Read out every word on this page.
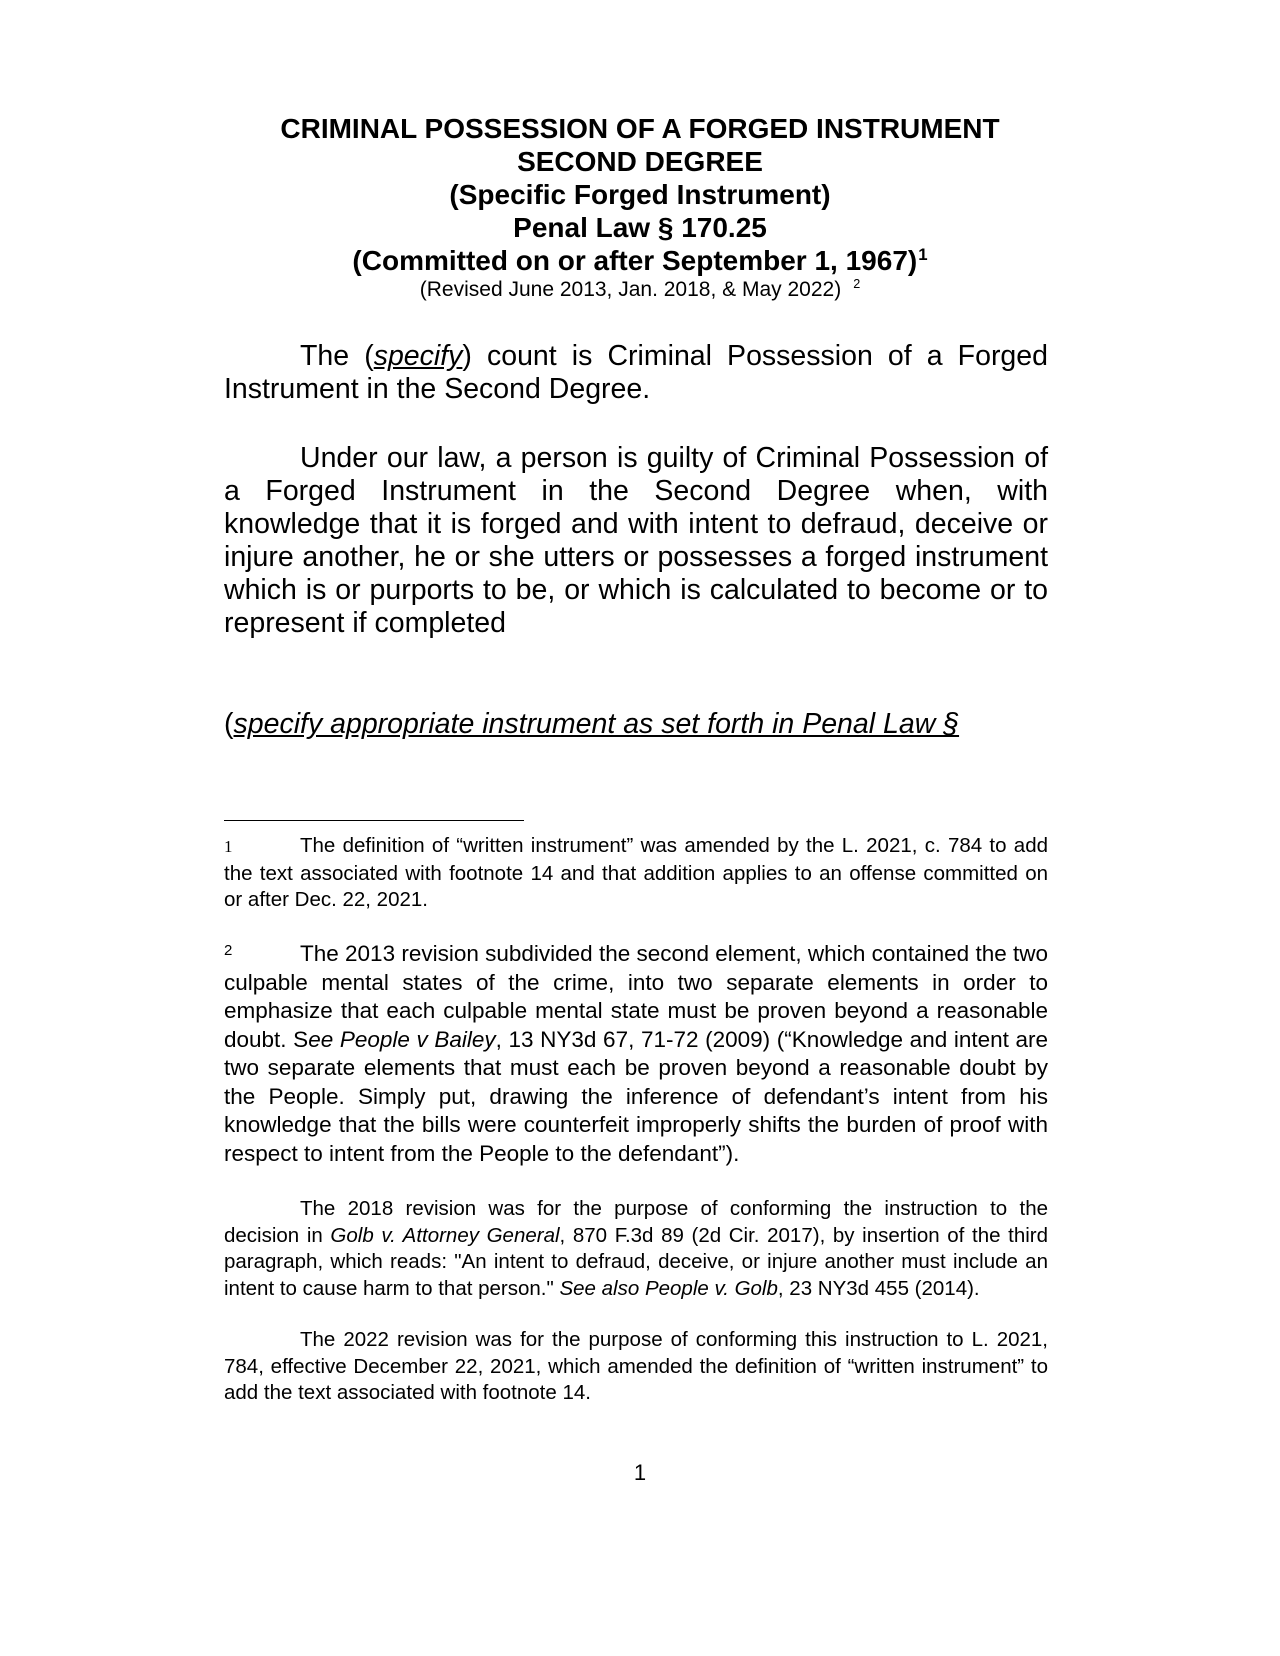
CRIMINAL POSSESSION OF A FORGED INSTRUMENT
SECOND DEGREE
(Specific Forged Instrument)
Penal Law § 170.25
(Committed on or after September 1, 1967)$^1$
(Revised June 2013, Jan. 2018, & May 2022) $^2$

The (specify) count is Criminal Possession of a Forged Instrument in the Second Degree.

Under our law, a person is guilty of Criminal Possession of a Forged Instrument in the Second Degree when, with knowledge that it is forged and with intent to defraud, deceive or injure another, he or she utters or possesses a forged instrument which is or purports to be, or which is calculated to become or to represent if completed

(specify appropriate instrument as set forth in Penal Law §

1	The definition of “written instrument” was amended by the L. 2021, c. 784 to add the text associated with footnote 14 and that addition applies to an offense committed on or after Dec. 22, 2021.

2	The 2013 revision subdivided the second element, which contained the two culpable mental states of the crime, into two separate elements in order to emphasize that each culpable mental state must be proven beyond a reasonable doubt. See People v Bailey, 13 NY3d 67, 71-72 (2009) (“Knowledge and intent are two separate elements that must each be proven beyond a reasonable doubt by the People. Simply put, drawing the inference of defendant’s intent from his knowledge that the bills were counterfeit improperly shifts the burden of proof with respect to intent from the People to the defendant”).

The 2018 revision was for the purpose of conforming the instruction to the decision in Golb v. Attorney General, 870 F.3d 89 (2d Cir. 2017), by insertion of the third paragraph, which reads: "An intent to defraud, deceive, or injure another must include an intent to cause harm to that person." See also People v. Golb, 23 NY3d 455 (2014).

The 2022 revision was for the purpose of conforming this instruction to L. 2021, 784, effective December 22, 2021, which amended the definition of “written instrument” to add the text associated with footnote 14.

1
